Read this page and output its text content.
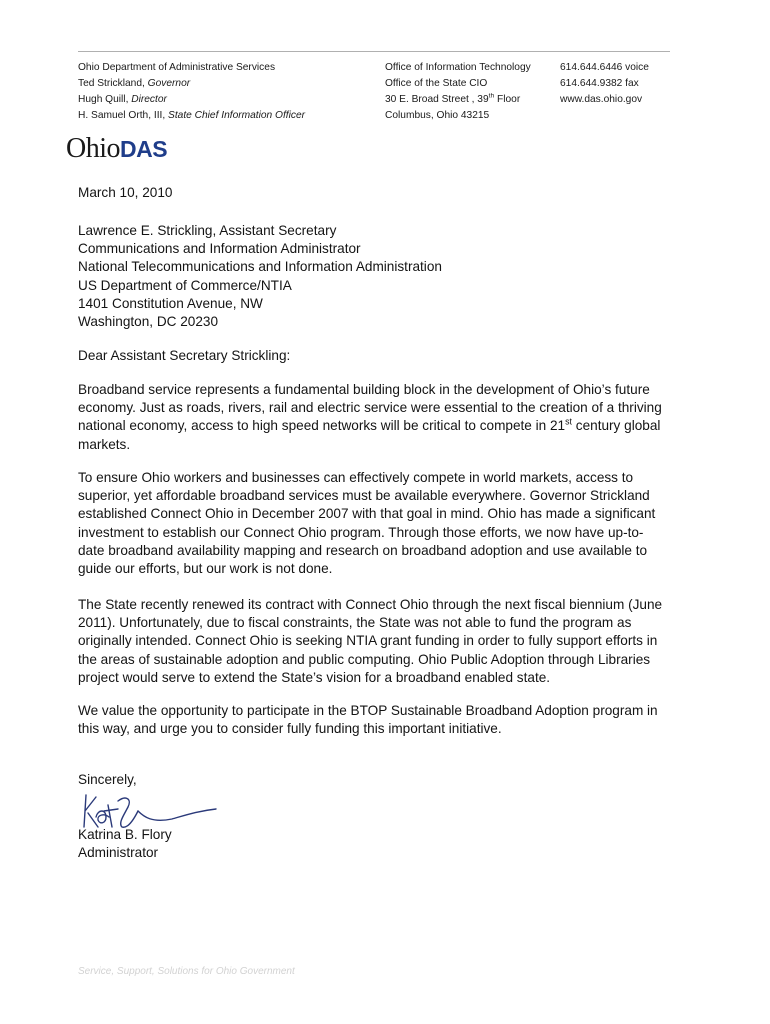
Ohio Department of Administrative Services
Ted Strickland, Governor
Hugh Quill, Director
H. Samuel Orth, III, State Chief Information Officer
Office of Information Technology
Office of the State CIO
30 E. Broad Street , 39th Floor
Columbus, Ohio 43215
614.644.6446 voice
614.644.9382 fax
www.das.ohio.gov
OhioDAS
March 10, 2010
Lawrence E. Strickling, Assistant Secretary
Communications and Information Administrator
National Telecommunications and Information Administration
US Department of Commerce/NTIA
1401 Constitution Avenue, NW
Washington, DC 20230
Dear Assistant Secretary Strickling:
Broadband service represents a fundamental building block in the development of Ohio’s future
economy. Just as roads, rivers, rail and electric service were essential to the creation of a thriving
national economy, access to high speed networks will be critical to compete in 21st century global
markets.
To ensure Ohio workers and businesses can effectively compete in world markets, access to
superior, yet affordable broadband services must be available everywhere. Governor Strickland
established Connect Ohio in December 2007 with that goal in mind. Ohio has made a significant
investment to establish our Connect Ohio program. Through those efforts, we now have up-to-
date broadband availability mapping and research on broadband adoption and use available to
guide our efforts, but our work is not done.
The State recently renewed its contract with Connect Ohio through the next fiscal biennium (June
2011). Unfortunately, due to fiscal constraints, the State was not able to fund the program as
originally intended. Connect Ohio is seeking NTIA grant funding in order to fully support efforts in
the areas of sustainable adoption and public computing. Ohio Public Adoption through Libraries
project would serve to extend the State’s vision for a broadband enabled state.
We value the opportunity to participate in the BTOP Sustainable Broadband Adoption program in
this way, and urge you to consider fully funding this important initiative.
Sincerely,
Katrina B. Flory
Administrator
Service, Support, Solutions for Ohio Government
